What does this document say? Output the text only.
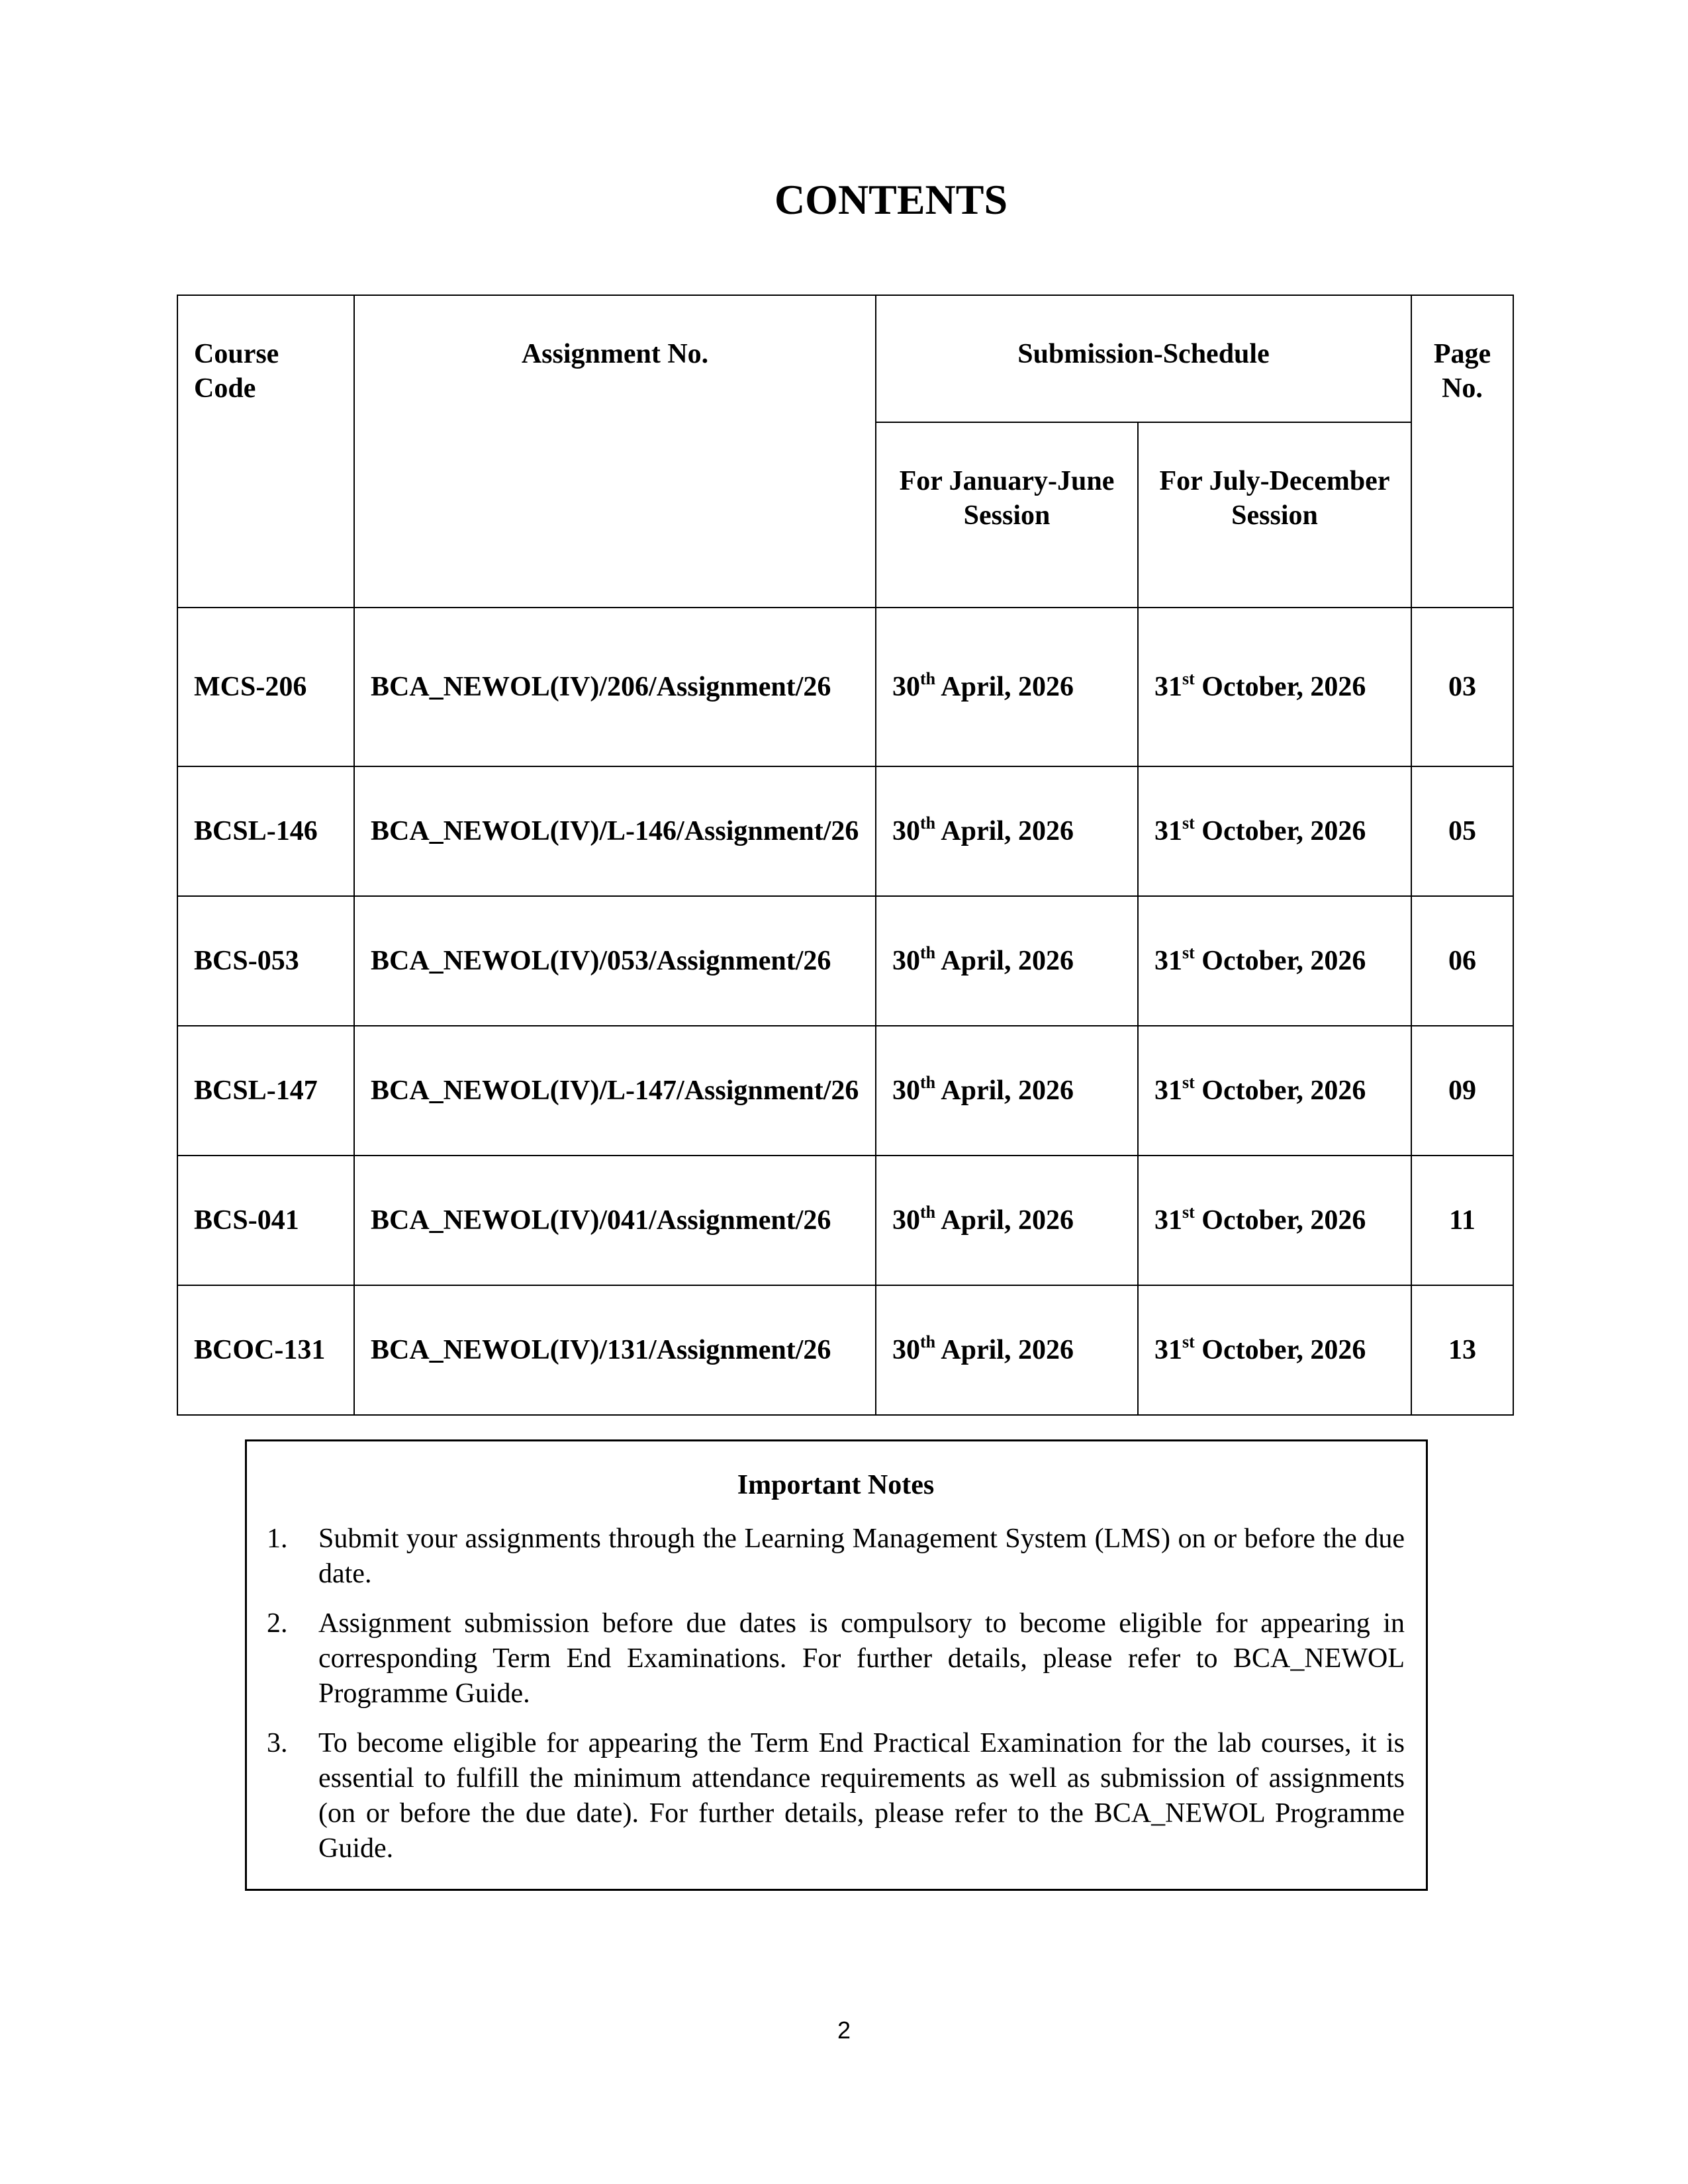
CONTENTS
Course Code	Assignment No.	Submission-Schedule		Page No.
		For January-June Session	For July-December Session	
MCS-206	BCA_NEWOL(IV)/206/Assignment/26	30th April, 2026	31st October, 2026	03
BCSL-146	BCA_NEWOL(IV)/L-146/Assignment/26	30th April, 2026	31st October, 2026	05
BCS-053	BCA_NEWOL(IV)/053/Assignment/26	30th April, 2026	31st October, 2026	06
BCSL-147	BCA_NEWOL(IV)/L-147/Assignment/26	30th April, 2026	31st October, 2026	09
BCS-041	BCA_NEWOL(IV)/041/Assignment/26	30th April, 2026	31st October, 2026	11
BCOC-131	BCA_NEWOL(IV)/131/Assignment/26	30th April, 2026	31st October, 2026	13
Important Notes
1.	Submit your assignments through the Learning Management System (LMS) on or before the due date.
2.	Assignment submission before due dates is compulsory to become eligible for appearing in corresponding Term End Examinations. For further details, please refer to BCA_NEWOL Programme Guide.
3.	To become eligible for appearing the Term End Practical Examination for the lab courses, it is essential to fulfill the minimum attendance requirements as well as submission of assignments (on or before the due date). For further details, please refer to the BCA_NEWOL Programme Guide.
2
